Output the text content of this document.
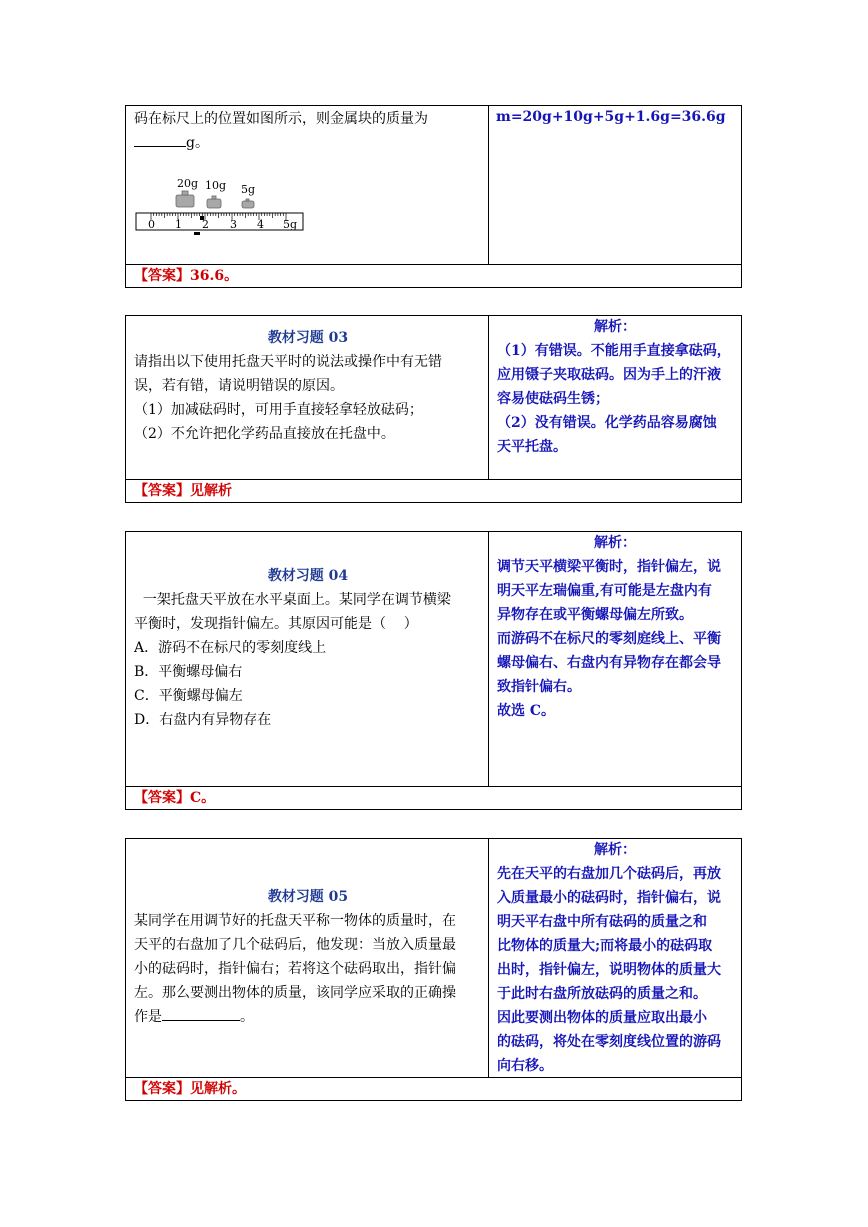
码在标尺上的位置如图所示，则金属块的质量为

g。

20g 10g 5g
0 1 2 3 4 5g

m=20g+10g+5g+1.6g=36.6g

【答案】36.6。

教材习题 03

请指出以下使用托盘天平时的说法或操作中有无错

误，若有错，请说明错误的原因。

（1）加减砝码时，可用手直接轻拿轻放砝码；

（2）不允许把化学药品直接放在托盘中。

解析：

（1）有错误。不能用手直接拿砝码，

应用镊子夹取砝码。因为手上的汗液

容易使砝码生锈；

（2）没有错误。化学药品容易腐蚀

天平托盘。

【答案】见解析

教材习题 04

一架托盘天平放在水平桌面上。某同学在调节横梁

平衡时，发现指针偏左。其原因可能是（    ）

A．游码不在标尺的零刻度线上

B．平衡螺母偏右

C．平衡螺母偏左

D．右盘内有异物存在

解析：

调节天平横梁平衡时，指针偏左，说

明天平左瑞偏重,有可能是左盘内有

异物存在或平衡螺母偏左所致。

而游码不在标尺的零刻庭线上、平衡

螺母偏右、右盘内有异物存在都会导

致指针偏右。

故选 C。

【答案】C。

教材习题 05

某同学在用调节好的托盘天平称一物体的质量时，在

天平的右盘加了几个砝码后，他发现：当放入质量最

小的砝码时，指针偏右；若将这个砝码取出，指针偏

左。那么要测出物体的质量，该同学应采取的正确操

作是	。

解析：

先在天平的右盘加几个砝码后，再放

入质量最小的砝码时，指针偏右，说

明天平右盘中所有砝码的质量之和

比物体的质量大;而将最小的砝码取

出时，指针偏左，说明物体的质量大

于此时右盘所放砝码的质量之和。

因此要测出物体的质量应取出最小

的砝码，将处在零刻度线位置的游码

向右移。

【答案】见解析。
